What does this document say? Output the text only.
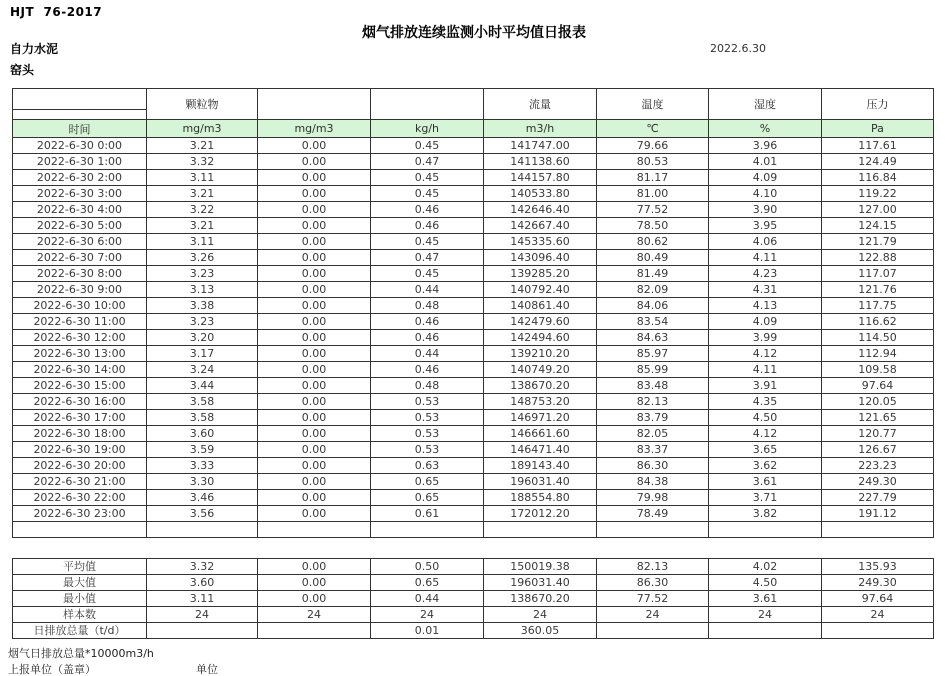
HJT  76-2017
烟气排放连续监测小时平均值日报表
自力水泥
窑头
2022.6.30
	颗粒物			流量	温度	湿度	压力

时间	mg/m3	mg/m3	kg/h	m3/h	℃	%	Pa
2022-6-30 0:00	3.21	0.00	0.45	141747.00	79.66	3.96	117.61
2022-6-30 1:00	3.32	0.00	0.47	141138.60	80.53	4.01	124.49
2022-6-30 2:00	3.11	0.00	0.45	144157.80	81.17	4.09	116.84
2022-6-30 3:00	3.21	0.00	0.45	140533.80	81.00	4.10	119.22
2022-6-30 4:00	3.22	0.00	0.46	142646.40	77.52	3.90	127.00
2022-6-30 5:00	3.21	0.00	0.46	142667.40	78.50	3.95	124.15
2022-6-30 6:00	3.11	0.00	0.45	145335.60	80.62	4.06	121.79
2022-6-30 7:00	3.26	0.00	0.47	143096.40	80.49	4.11	122.88
2022-6-30 8:00	3.23	0.00	0.45	139285.20	81.49	4.23	117.07
2022-6-30 9:00	3.13	0.00	0.44	140792.40	82.09	4.31	121.76
2022-6-30 10:00	3.38	0.00	0.48	140861.40	84.06	4.13	117.75
2022-6-30 11:00	3.23	0.00	0.46	142479.60	83.54	4.09	116.62
2022-6-30 12:00	3.20	0.00	0.46	142494.60	84.63	3.99	114.50
2022-6-30 13:00	3.17	0.00	0.44	139210.20	85.97	4.12	112.94
2022-6-30 14:00	3.24	0.00	0.46	140749.20	85.99	4.11	109.58
2022-6-30 15:00	3.44	0.00	0.48	138670.20	83.48	3.91	97.64
2022-6-30 16:00	3.58	0.00	0.53	148753.20	82.13	4.35	120.05
2022-6-30 17:00	3.58	0.00	0.53	146971.20	83.79	4.50	121.65
2022-6-30 18:00	3.60	0.00	0.53	146661.60	82.05	4.12	120.77
2022-6-30 19:00	3.59	0.00	0.53	146471.40	83.37	3.65	126.67
2022-6-30 20:00	3.33	0.00	0.63	189143.40	86.30	3.62	223.23
2022-6-30 21:00	3.30	0.00	0.65	196031.40	84.38	3.61	249.30
2022-6-30 22:00	3.46	0.00	0.65	188554.80	79.98	3.71	227.79
2022-6-30 23:00	3.56	0.00	0.61	172012.20	78.49	3.82	191.12

平均值	3.32	0.00	0.50	150019.38	82.13	4.02	135.93
最大值	3.60	0.00	0.65	196031.40	86.30	4.50	249.30
最小值	3.11	0.00	0.44	138670.20	77.52	3.61	97.64
样本数	24	24	24	24	24	24	24
日排放总量（t/d）			0.01	360.05			
烟气日排放总量*10000m3/h
上报单位（盖章）	单位
